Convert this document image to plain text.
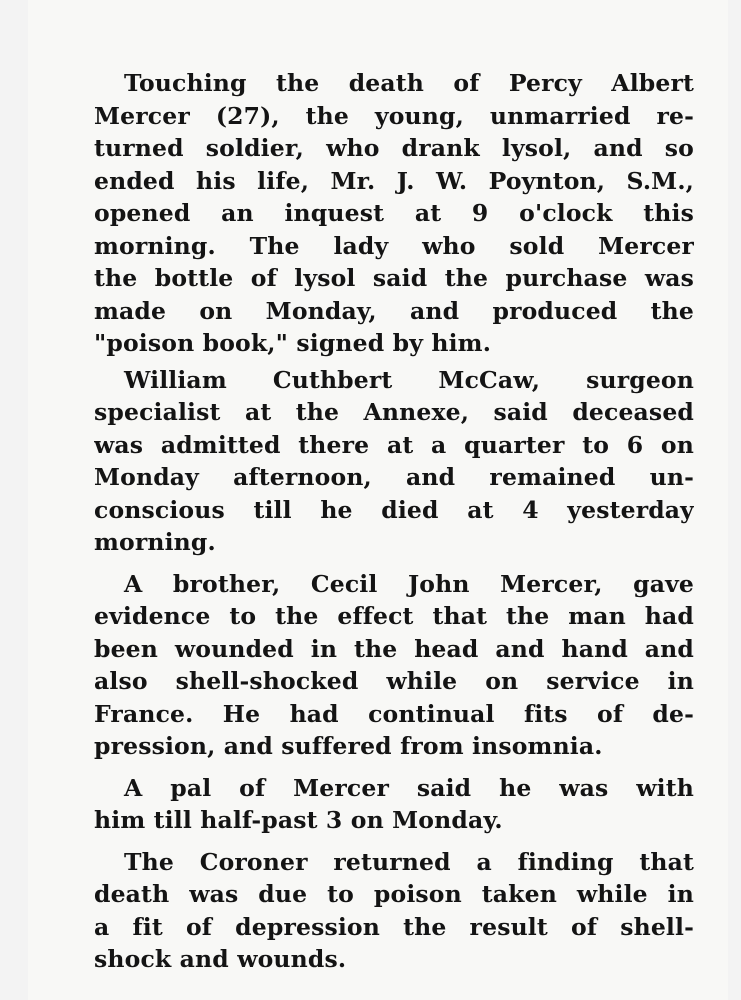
Touching the death of Percy Albert
Mercer (27), the young, unmarried re-
turned soldier, who drank lysol, and so
ended his life, Mr. J. W. Poynton, S.M.,
opened an inquest at 9 o'clock this
morning. The lady who sold Mercer
the bottle of lysol said the purchase was
made on Monday, and produced the
"poison book," signed by him.
William Cuthbert McCaw, surgeon
specialist at the Annexe, said deceased
was admitted there at a quarter to 6 on
Monday afternoon, and remained un-
conscious till he died at 4 yesterday
morning.
A brother, Cecil John Mercer, gave
evidence to the effect that the man had
been wounded in the head and hand and
also shell-shocked while on service in
France. He had continual fits of de-
pression, and suffered from insomnia.
A pal of Mercer said he was with
him till half-past 3 on Monday.
The Coroner returned a finding that
death was due to poison taken while in
a fit of depression the result of shell-
shock and wounds.
